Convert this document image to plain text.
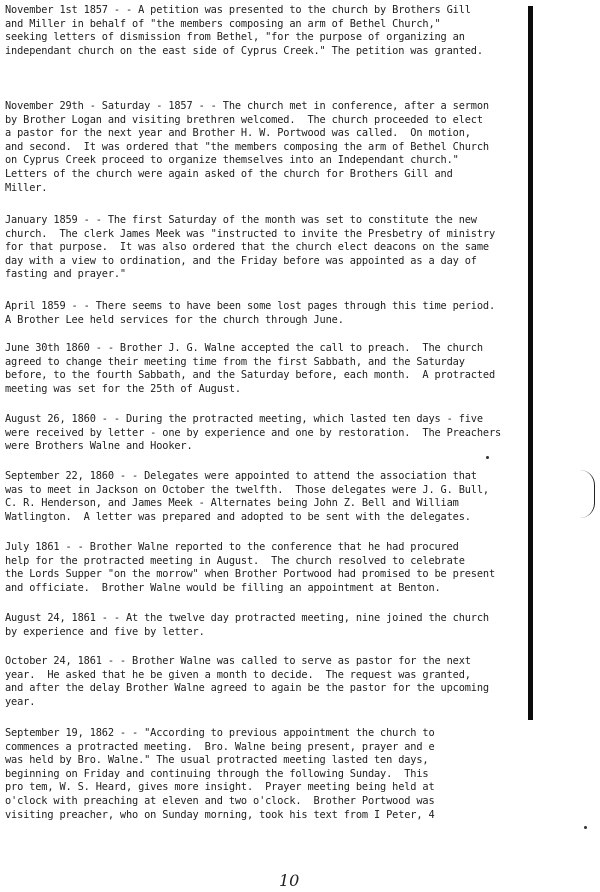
November 1st 1857 - - A petition was presented to the church by Brothers Gill
and Miller in behalf of "the members composing an arm of Bethel Church,"
seeking letters of dismission from Bethel, "for the purpose of organizing an
independant church on the east side of Cyprus Creek." The petition was granted.
November 29th - Saturday - 1857 - - The church met in conference, after a sermon
by Brother Logan and visiting brethren welcomed.  The church proceeded to elect
a pastor for the next year and Brother H. W. Portwood was called.  On motion,
and second.  It was ordered that "the members composing the arm of Bethel Church
on Cyprus Creek proceed to organize themselves into an Independant church."
Letters of the church were again asked of the church for Brothers Gill and
Miller.
January 1859 - - The first Saturday of the month was set to constitute the new
church.  The clerk James Meek was "instructed to invite the Presbetry of ministry
for that purpose.  It was also ordered that the church elect deacons on the same
day with a view to ordination, and the Friday before was appointed as a day of
fasting and prayer."
April 1859 - - There seems to have been some lost pages through this time period.
A Brother Lee held services for the church through June.
June 30th 1860 - - Brother J. G. Walne accepted the call to preach.  The church
agreed to change their meeting time from the first Sabbath, and the Saturday
before, to the fourth Sabbath, and the Saturday before, each month.  A protracted
meeting was set for the 25th of August.
August 26, 1860 - - During the protracted meeting, which lasted ten days - five
were received by letter - one by experience and one by restoration.  The Preachers
were Brothers Walne and Hooker.
September 22, 1860 - - Delegates were appointed to attend the association that
was to meet in Jackson on October the twelfth.  Those delegates were J. G. Bull,
C. R. Henderson, and James Meek - Alternates being John Z. Bell and William
Watlington.  A letter was prepared and adopted to be sent with the delegates.
July 1861 - - Brother Walne reported to the conference that he had procured
help for the protracted meeting in August.  The church resolved to celebrate
the Lords Supper "on the morrow" when Brother Portwood had promised to be present
and officiate.  Brother Walne would be filling an appointment at Benton.
August 24, 1861 - - At the twelve day protracted meeting, nine joined the church
by experience and five by letter.
October 24, 1861 - - Brother Walne was called to serve as pastor for the next
year.  He asked that he be given a month to decide.  The request was granted,
and after the delay Brother Walne agreed to again be the pastor for the upcoming
year.
September 19, 1862 - - "According to previous appointment the church to
commences a protracted meeting.  Bro. Walne being present, prayer and e
was held by Bro. Walne." The usual protracted meeting lasted ten days,
beginning on Friday and continuing through the following Sunday.  This
pro tem, W. S. Heard, gives more insight.  Prayer meeting being held at
o'clock with preaching at eleven and two o'clock.  Brother Portwood was
visiting preacher, who on Sunday morning, took his text from I Peter, 4
10
